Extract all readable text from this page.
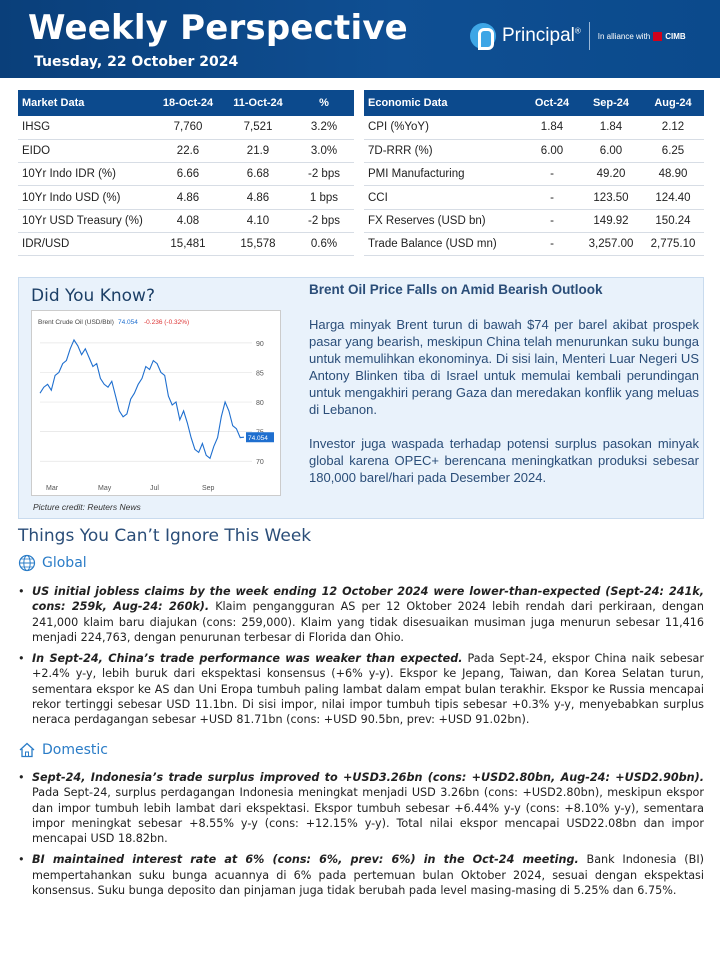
Weekly Perspective
Tuesday, 22 October 2024
Principal®
In alliance with CIMB
Market Data	18-Oct-24	11-Oct-24	%
IHSG	7,760	7,521	3.2%
EIDO	22.6	21.9	3.0%
10Yr Indo IDR (%)	6.66	6.68	-2 bps
10Yr Indo USD (%)	4.86	4.86	1 bps
10Yr USD Treasury (%)	4.08	4.10	-2 bps
IDR/USD	15,481	15,578	0.6%
Economic Data	Oct-24	Sep-24	Aug-24
CPI (%YoY)	1.84	1.84	2.12
7D-RRR (%)	6.00	6.00	6.25
PMI Manufacturing	-	49.20	48.90
CCI	-	123.50	124.40
FX Reserves (USD bn)	-	149.92	150.24
Trade Balance (USD mn)	-	3,257.00	2,775.10
Did You Know?
Brent Crude Oil (USD/Bbl) 74.054 -0.236 (-0.32%)
70
80
85
90
74.054
Mar	May	Jul	Sep
Picture credit: Reuters News
Brent Oil Price Falls on Amid Bearish Outlook

Harga minyak Brent turun di bawah $74 per barel akibat prospek pasar yang bearish, meskipun China telah menurunkan suku bunga untuk memulihkan ekonominya. Di sisi lain, Menteri Luar Negeri US Antony Blinken tiba di Israel untuk memulai kembali perundingan untuk mengakhiri perang Gaza dan meredakan konflik yang meluas di Lebanon.

Investor juga waspada terhadap potensi surplus pasokan minyak global karena OPEC+ berencana meningkatkan produksi sebesar 180,000 barel/hari pada Desember 2024.

Things You Can’t Ignore This Week
Global
• US initial jobless claims by the week ending 12 October 2024 were lower-than-expected (Sept-24: 241k, cons: 259k, Aug-24: 260k). Klaim pengangguran AS per 12 Oktober 2024 lebih rendah dari perkiraan, dengan 241,000 klaim baru diajukan (cons: 259,000). Klaim yang tidak disesuaikan musiman juga menurun sebesar 11,416 menjadi 224,763, dengan penurunan terbesar di Florida dan Ohio.
• In Sept-24, China’s trade performance was weaker than expected. Pada Sept-24, ekspor China naik sebesar +2.4% y-y, lebih buruk dari ekspektasi konsensus (+6% y-y). Ekspor ke Jepang, Taiwan, dan Korea Selatan turun, sementara ekspor ke AS dan Uni Eropa tumbuh paling lambat dalam empat bulan terakhir. Ekspor ke Russia mencapai rekor tertinggi sebesar USD 11.1bn. Di sisi impor, nilai impor tumbuh tipis sebesar +0.3% y-y, menyebabkan surplus neraca perdagangan sebesar +USD 81.71bn (cons: +USD 90.5bn, prev: +USD 91.02bn).
Domestic
• Sept-24, Indonesia’s trade surplus improved to +USD3.26bn (cons: +USD2.80bn, Aug-24: +USD2.90bn). Pada Sept-24, surplus perdagangan Indonesia meningkat menjadi USD 3.26bn (cons: +USD2.80bn), meskipun ekspor dan impor tumbuh lebih lambat dari ekspektasi. Ekspor tumbuh sebesar +6.44% y-y (cons: +8.10% y-y), sementara impor meningkat sebesar +8.55% y-y (cons: +12.15% y-y). Total nilai ekspor mencapai USD22.08bn dan impor mencapai USD 18.82bn.
• BI maintained interest rate at 6% (cons: 6%, prev: 6%) in the Oct-24 meeting. Bank Indonesia (BI) mempertahankan suku bunga acuannya di 6% pada pertemuan bulan Oktober 2024, sesuai dengan ekspektasi konsensus. Suku bunga deposito dan pinjaman juga tidak berubah pada level masing-masing di 5.25% dan 6.75%.
